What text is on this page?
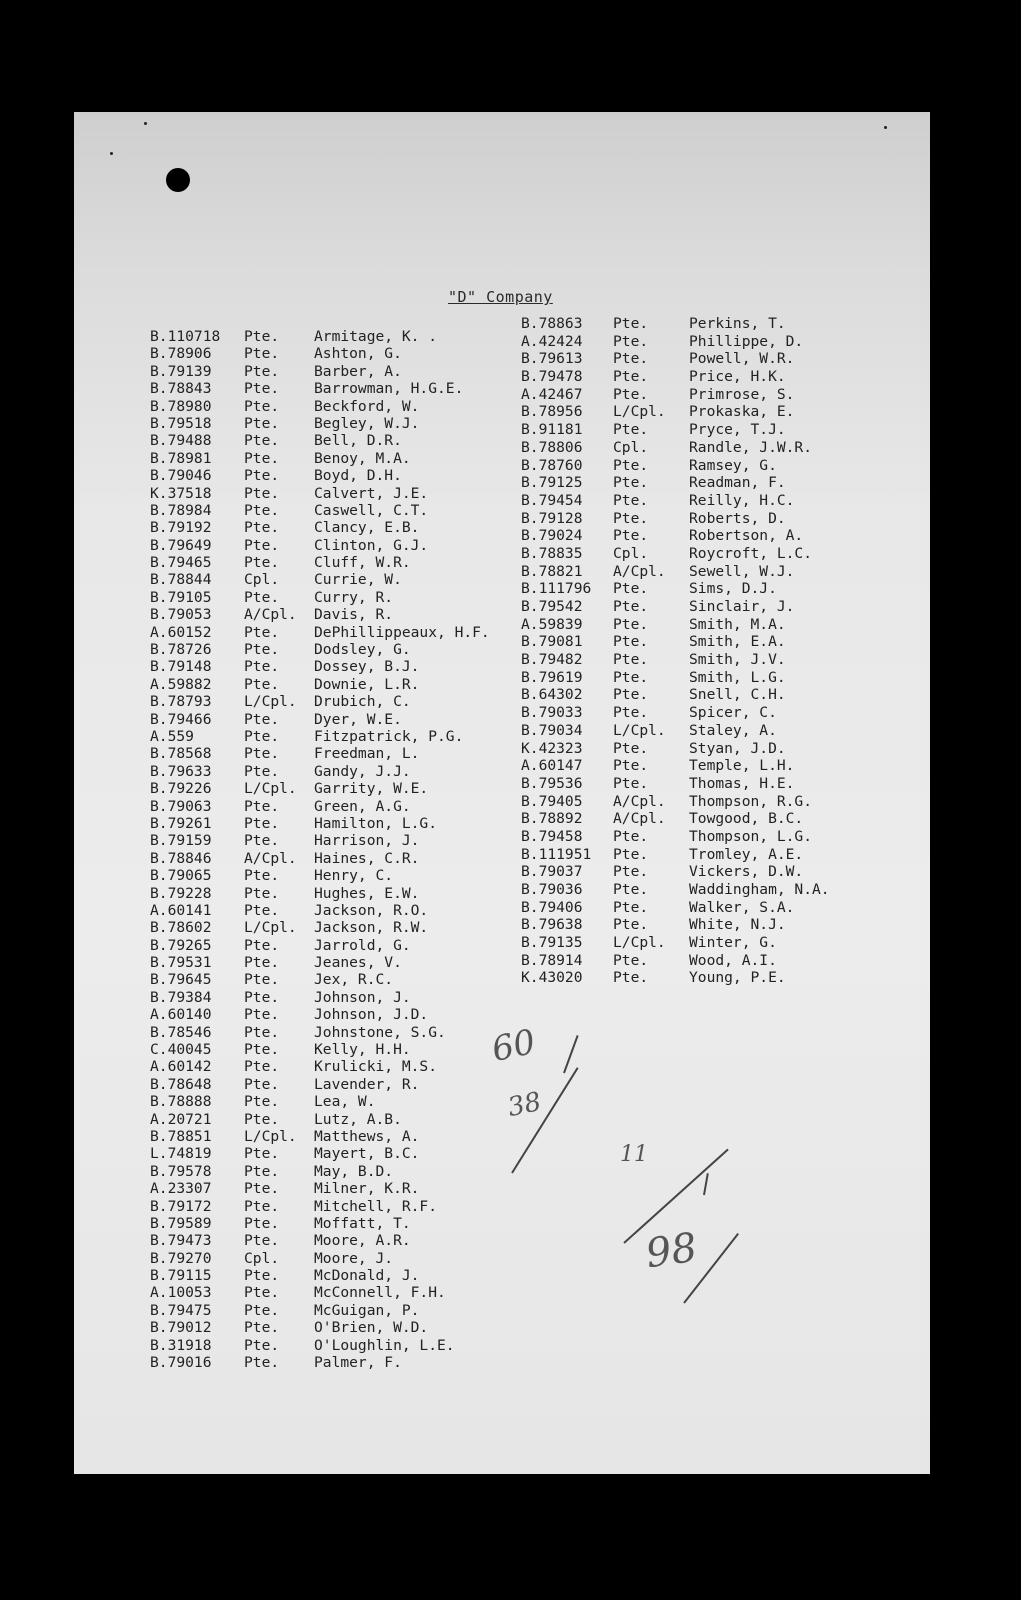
"D" Company
B.110718	Pte.	Armitage, K. .
B.78906	Pte.	Ashton, G.
B.79139	Pte.	Barber, A.
B.78843	Pte.	Barrowman, H.G.E.
B.78980	Pte.	Beckford, W.
B.79518	Pte.	Begley, W.J.
B.79488	Pte.	Bell, D.R.
B.78981	Pte.	Benoy, M.A.
B.79046	Pte.	Boyd, D.H.
K.37518	Pte.	Calvert, J.E.
B.78984	Pte.	Caswell, C.T.
B.79192	Pte.	Clancy, E.B.
B.79649	Pte.	Clinton, G.J.
B.79465	Pte.	Cluff, W.R.
B.78844	Cpl.	Currie, W.
B.79105	Pte.	Curry, R.
B.79053	A/Cpl.	Davis, R.
A.60152	Pte.	DePhillippeaux, H.F.
B.78726	Pte.	Dodsley, G.
B.79148	Pte.	Dossey, B.J.
A.59882	Pte.	Downie, L.R.
B.78793	L/Cpl.	Drubich, C.
B.79466	Pte.	Dyer, W.E.
A.559	Pte.	Fitzpatrick, P.G.
B.78568	Pte.	Freedman, L.
B.79633	Pte.	Gandy, J.J.
B.79226	L/Cpl.	Garrity, W.E.
B.79063	Pte.	Green, A.G.
B.79261	Pte.	Hamilton, L.G.
B.79159	Pte.	Harrison, J.
B.78846	A/Cpl.	Haines, C.R.
B.79065	Pte.	Henry, C.
B.79228	Pte.	Hughes, E.W.
A.60141	Pte.	Jackson, R.O.
B.78602	L/Cpl.	Jackson, R.W.
B.79265	Pte.	Jarrold, G.
B.79531	Pte.	Jeanes, V.
B.79645	Pte.	Jex, R.C.
B.79384	Pte.	Johnson, J.
A.60140	Pte.	Johnson, J.D.
B.78546	Pte.	Johnstone, S.G.
C.40045	Pte.	Kelly, H.H.
A.60142	Pte.	Krulicki, M.S.
B.78648	Pte.	Lavender, R.
B.78888	Pte.	Lea, W.
A.20721	Pte.	Lutz, A.B.
B.78851	L/Cpl.	Matthews, A.
L.74819	Pte.	Mayert, B.C.
B.79578	Pte.	May, B.D.
A.23307	Pte.	Milner, K.R.
B.79172	Pte.	Mitchell, R.F.
B.79589	Pte.	Moffatt, T.
B.79473	Pte.	Moore, A.R.
B.79270	Cpl.	Moore, J.
B.79115	Pte.	McDonald, J.
A.10053	Pte.	McConnell, F.H.
B.79475	Pte.	McGuigan, P.
B.79012	Pte.	O'Brien, W.D.
B.31918	Pte.	O'Loughlin, L.E.
B.79016	Pte.	Palmer, F.
B.78863	Pte.	Perkins, T.
A.42424	Pte.	Phillippe, D.
B.79613	Pte.	Powell, W.R.
B.79478	Pte.	Price, H.K.
A.42467	Pte.	Primrose, S.
B.78956	L/Cpl.	Prokaska, E.
B.91181	Pte.	Pryce, T.J.
B.78806	Cpl.	Randle, J.W.R.
B.78760	Pte.	Ramsey, G.
B.79125	Pte.	Readman, F.
B.79454	Pte.	Reilly, H.C.
B.79128	Pte.	Roberts, D.
B.79024	Pte.	Robertson, A.
B.78835	Cpl.	Roycroft, L.C.
B.78821	A/Cpl.	Sewell, W.J.
B.111796	Pte.	Sims, D.J.
B.79542	Pte.	Sinclair, J.
A.59839	Pte.	Smith, M.A.
B.79081	Pte.	Smith, E.A.
B.79482	Pte.	Smith, J.V.
B.79619	Pte.	Smith, L.G.
B.64302	Pte.	Snell, C.H.
B.79033	Pte.	Spicer, C.
B.79034	L/Cpl.	Staley, A.
K.42323	Pte.	Styan, J.D.
A.60147	Pte.	Temple, L.H.
B.79536	Pte.	Thomas, H.E.
B.79405	A/Cpl.	Thompson, R.G.
B.78892	A/Cpl.	Towgood, B.C.
B.79458	Pte.	Thompson, L.G.
B.111951	Pte.	Tromley, A.E.
B.79037	Pte.	Vickers, D.W.
B.79036	Pte.	Waddingham, N.A.
B.79406	Pte.	Walker, S.A.
B.79638	Pte.	White, N.J.
B.79135	L/Cpl.	Winter, G.
B.78914	Pte.	Wood, A.I.
K.43020	Pte.	Young, P.E.
60
38
11
98
